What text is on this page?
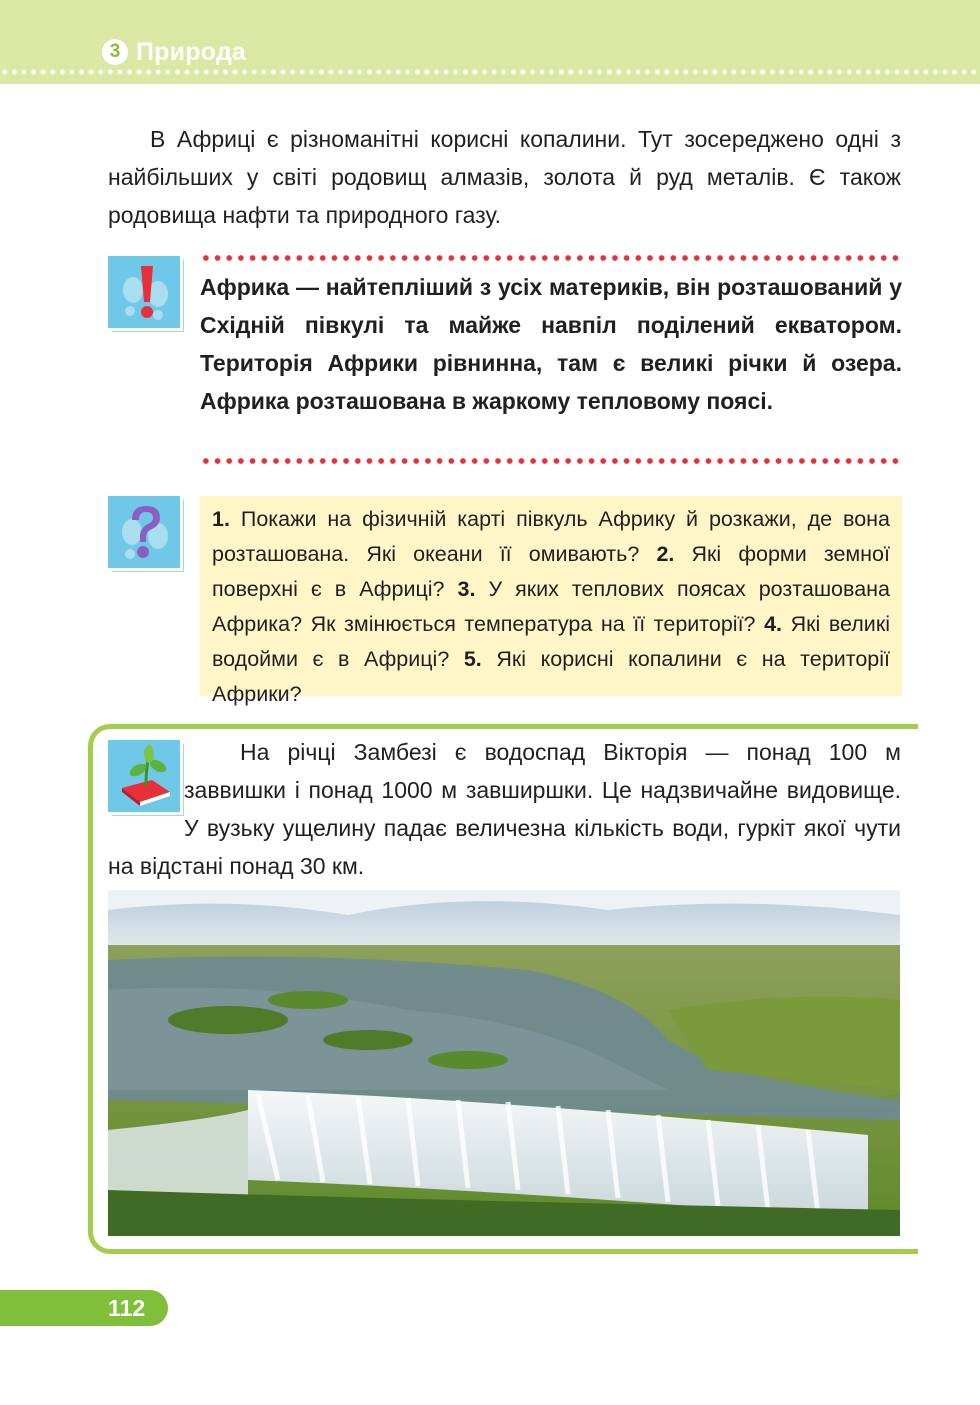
3 Природа

В Африці є різноманітні корисні копалини. Тут зосереджено одні з найбільших у світі родовищ алмазів, золота й руд металів. Є також родовища нафти та природного газу.

Африка — найтепліший з усіх материків, він розташований у Східній півкулі та майже навпіл поділений екватором. Територія Африки рівнинна, там є великі річки й озера. Африка розташована в жаркому тепловому поясі.

1. Покажи на фізичній карті півкуль Африку й розкажи, де вона розташована. Які океани її омивають? 2. Які форми земної поверхні є в Африці? 3. У яких теплових поясах розташована Африка? Як змінюється температура на її території? 4. Які великі водойми є в Африці? 5. Які корисні копалини є на території Африки?

На річці Замбезі є водоспад Вікторія — понад 100 м заввишки і понад 1000 м завширшки. Це надзвичайне видовище. У вузьку ущелину падає величезна кількість води, гуркіт якої чути на відстані понад 30 км.

112
